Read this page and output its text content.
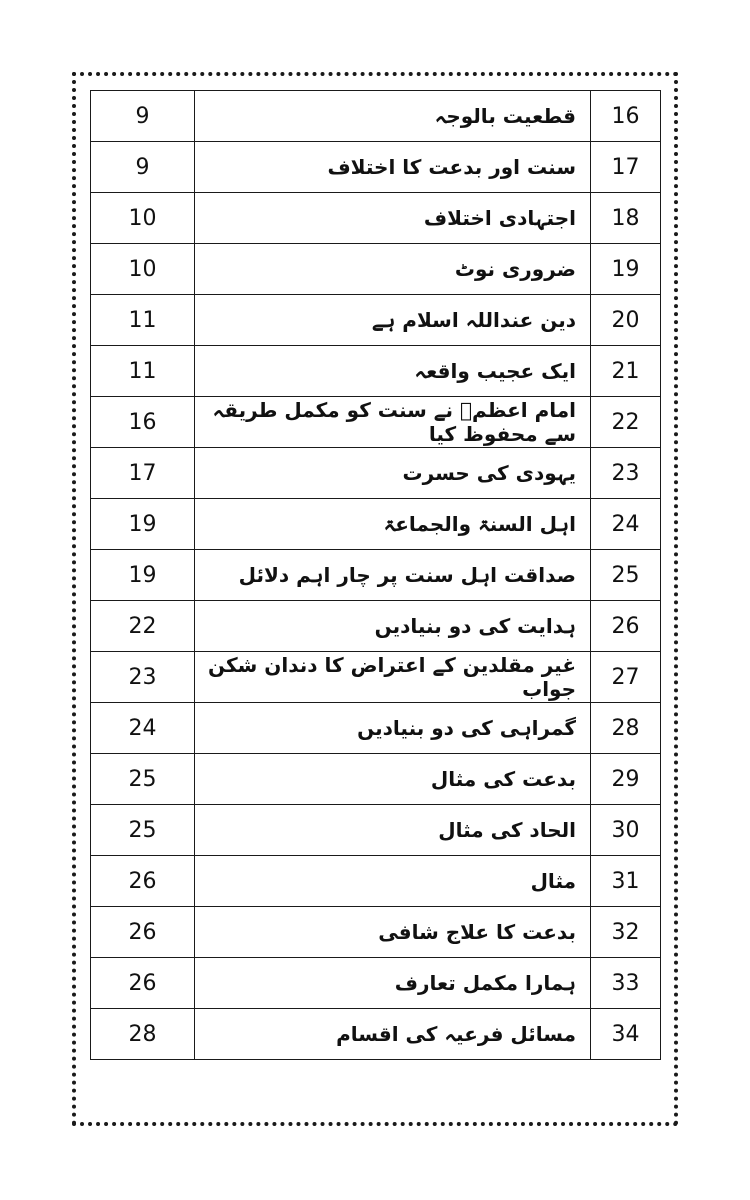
9	قطعیت بالوجہ	16
9	سنت اور بدعت کا اختلاف	17
10	اجتہادی اختلاف	18
10	ضروری نوٹ	19
11	دین عنداللہ اسلام ہے	20
11	ایک عجیب واقعہ	21
16	امام اعظمؒ نے سنت کو مکمل طریقہ سے محفوظ کیا	22
17	یہودی کی حسرت	23
19	اہل السنۃ والجماعۃ	24
19	صداقت اہل سنت پر چار اہم دلائل	25
22	ہدایت کی دو بنیادیں	26
23	غیر مقلدین کے اعتراض کا دندان شکن جواب	27
24	گمراہی کی دو بنیادیں	28
25	بدعت کی مثال	29
25	الحاد کی مثال	30
26	مثال	31
26	بدعت کا علاج شافی	32
26	ہمارا مکمل تعارف	33
28	مسائل فرعیہ کی اقسام	34
